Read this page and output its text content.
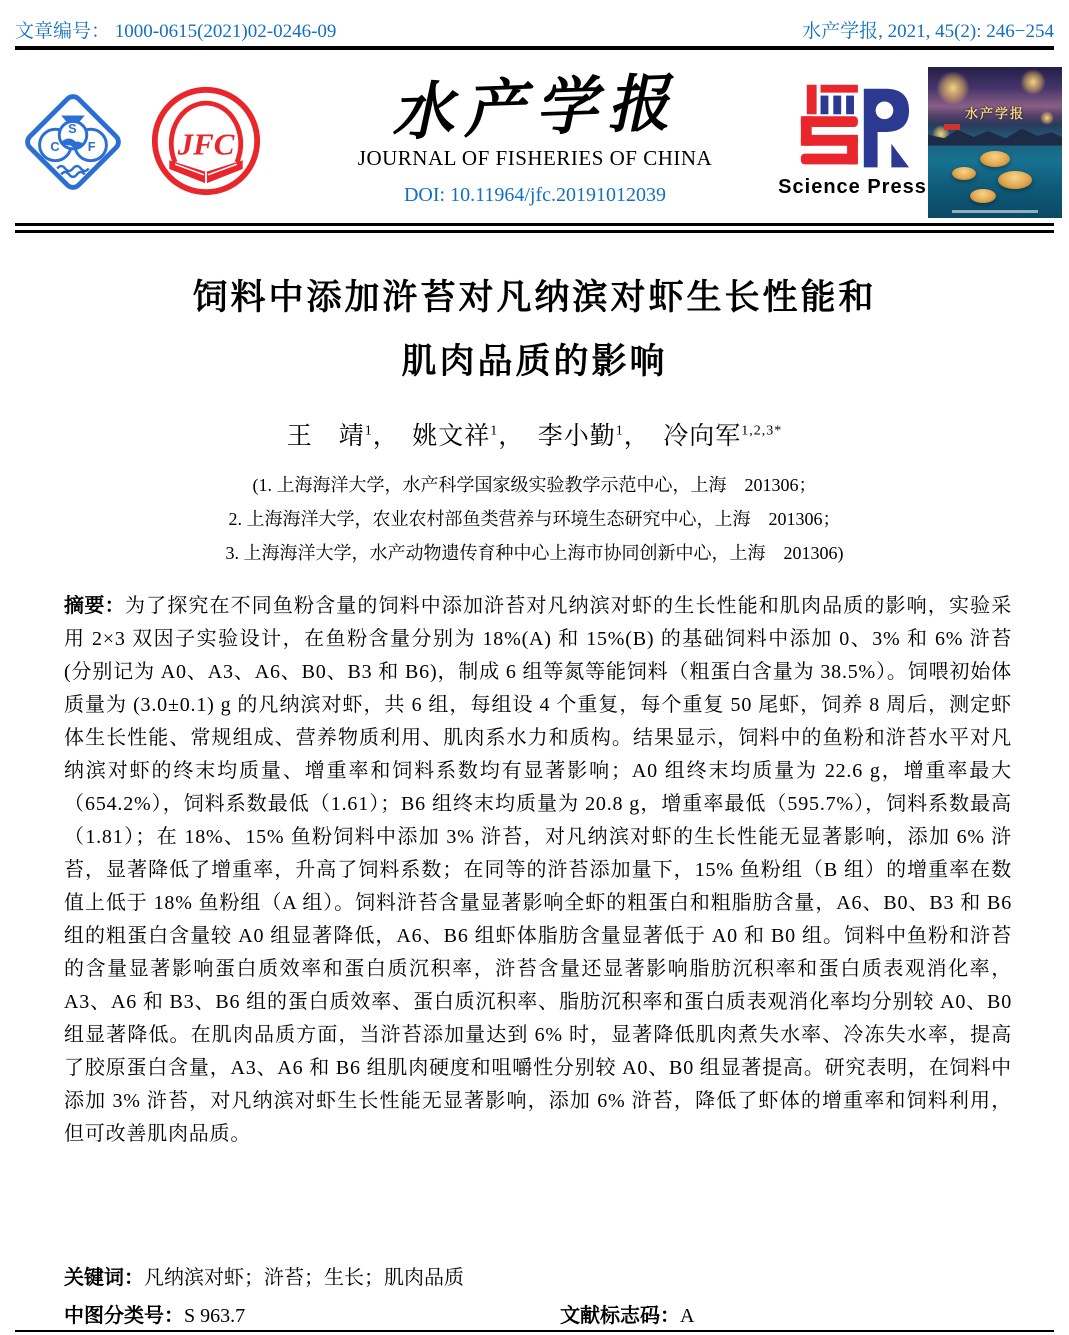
文章编号： 1000-0615(2021)02-0246-09	水产学报, 2021, 45(2): 246−254
C
S
F	JFC	水产学报
JOURNAL OF FISHERIES OF CHINA
DOI: 10.11964/jfc.20191012039	Science Press
水产学报
饲料中添加浒苔对凡纳滨对虾生长性能和
肌肉品质的影响
王　靖$^1$，　姚文祥$^1$，　李小勤$^1$，　冷向军$^{1,2,3*}$
(1. 上海海洋大学，水产科学国家级实验教学示范中心，上海　201306；
2. 上海海洋大学，农业农村部鱼类营养与环境生态研究中心，上海　201306；
3. 上海海洋大学，水产动物遗传育种中心上海市协同创新中心，上海　201306)
摘要：为了探究在不同鱼粉含量的饲料中添加浒苔对凡纳滨对虾的生长性能和肌肉品质的影响，实验采用 2×3 双因子实验设计，在鱼粉含量分别为 18%(A) 和 15%(B) 的基础饲料中添加 0、3% 和 6% 浒苔 (分别记为 A0、A3、A6、B0、B3 和 B6)，制成 6 组等氮等能饲料（粗蛋白含量为 38.5%）。饲喂初始体质量为 (3.0±0.1) g 的凡纳滨对虾，共 6 组，每组设 4 个重复，每个重复 50 尾虾，饲养 8 周后，测定虾体生长性能、常规组成、营养物质利用、肌肉系水力和质构。结果显示，饲料中的鱼粉和浒苔水平对凡纳滨对虾的终末均质量、增重率和饲料系数均有显著影响；A0 组终末均质量为 22.6 g，增重率最大（654.2%），饲料系数最低（1.61）；B6 组终末均质量为 20.8 g，增重率最低（595.7%），饲料系数最高（1.81）；在 18%、15% 鱼粉饲料中添加 3% 浒苔，对凡纳滨对虾的生长性能无显著影响，添加 6% 浒苔，显著降低了增重率，升高了饲料系数；在同等的浒苔添加量下，15% 鱼粉组（B 组）的增重率在数值上低于 18% 鱼粉组（A 组）。饲料浒苔含量显著影响全虾的粗蛋白和粗脂肪含量，A6、B0、B3 和 B6 组的粗蛋白含量较 A0 组显著降低，A6、B6 组虾体脂肪含量显著低于 A0 和 B0 组。饲料中鱼粉和浒苔的含量显著影响蛋白质效率和蛋白质沉积率，浒苔含量还显著影响脂肪沉积率和蛋白质表观消化率，A3、A6 和 B3、B6 组的蛋白质效率、蛋白质沉积率、脂肪沉积率和蛋白质表观消化率均分别较 A0、B0 组显著降低。在肌肉品质方面，当浒苔添加量达到 6% 时，显著降低肌肉煮失水率、冷冻失水率，提高了胶原蛋白含量，A3、A6 和 B6 组肌肉硬度和咀嚼性分别较 A0、B0 组显著提高。研究表明，在饲料中添加 3% 浒苔，对凡纳滨对虾生长性能无显著影响，添加 6% 浒苔，降低了虾体的增重率和饲料利用，但可改善肌肉品质。
关键词：凡纳滨对虾；浒苔；生长；肌肉品质
中图分类号：S 963.7	文献标志码：A
